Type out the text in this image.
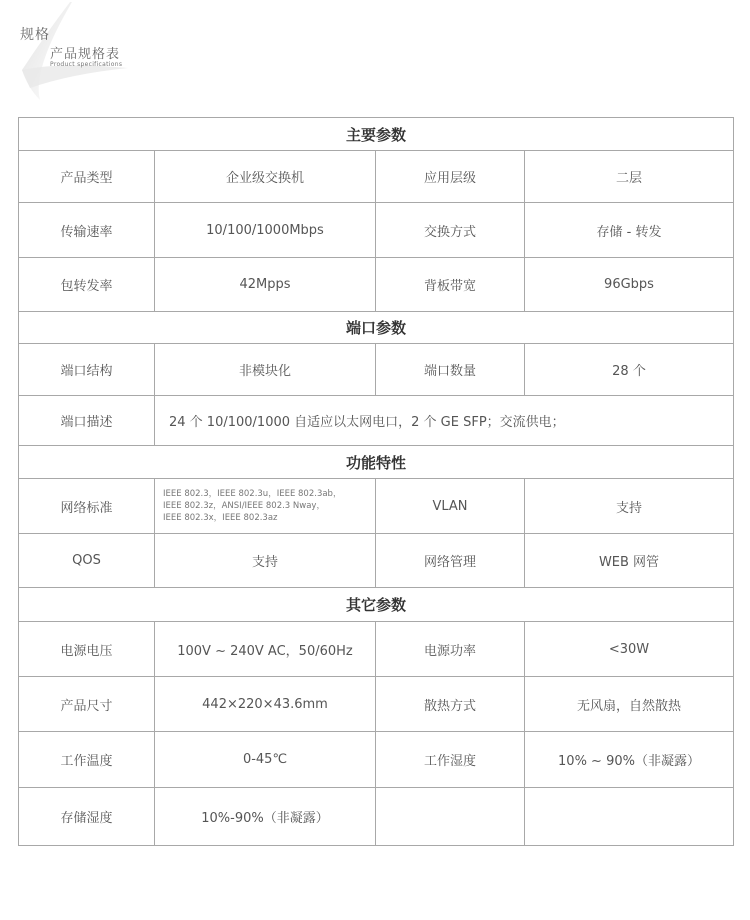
规格
产品规格表
Product specifications
主要参数			
产品类型	企业级交换机	应用层级	二层
传输速率	10/100/1000Mbps	交换方式	存储 - 转发
包转发率	42Mpps	背板带宽	96Gbps
端口参数			
端口结构	非模块化	端口数量	28 个
端口描述	24 个 10/100/1000 自适应以太网电口，2 个 GE SFP；交流供电；		
功能特性			
网络标准	IEEE 802.3，IEEE 802.3u，IEEE 802.3ab，
IEEE 802.3z，ANSI/IEEE 802.3 Nway，
IEEE 802.3x，IEEE 802.3az	VLAN	支持
QOS	支持	网络管理	WEB 网管
其它参数			
电源电压	100V ~ 240V AC，50/60Hz	电源功率	<30W
产品尺寸	442×220×43.6mm	散热方式	无风扇，自然散热
工作温度	0-45℃	工作湿度	10% ~ 90%（非凝露）
存储湿度	10%-90%（非凝露）		
